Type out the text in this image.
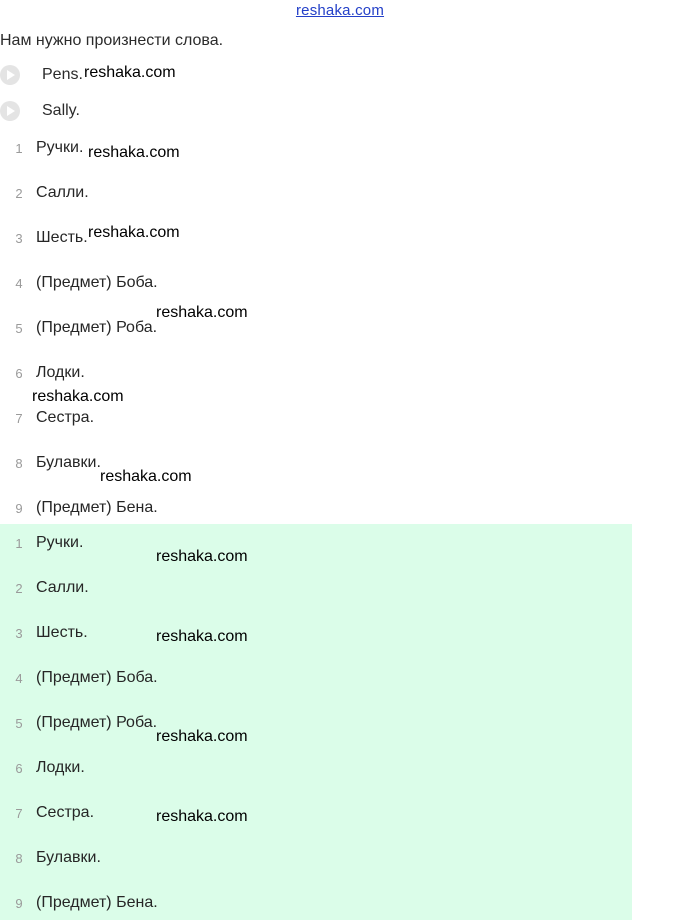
reshaka.com
Нам нужно произнести слова.
Pens.
Sally.
1 Ручки.
2 Салли.
3 Шесть.
4 (Предмет) Боба.
5 (Предмет) Роба.
6 Лодки.
7 Сестра.
8 Булавки.
9 (Предмет) Бена.
1 Ручки.
2 Салли.
3 Шесть.
4 (Предмет) Боба.
5 (Предмет) Роба.
6 Лодки.
7 Сестра.
8 Булавки.
9 (Предмет) Бена.
reshaka.com
reshaka.com
reshaka.com
reshaka.com
reshaka.com
reshaka.com
reshaka.com
reshaka.com
reshaka.com
reshaka.com
